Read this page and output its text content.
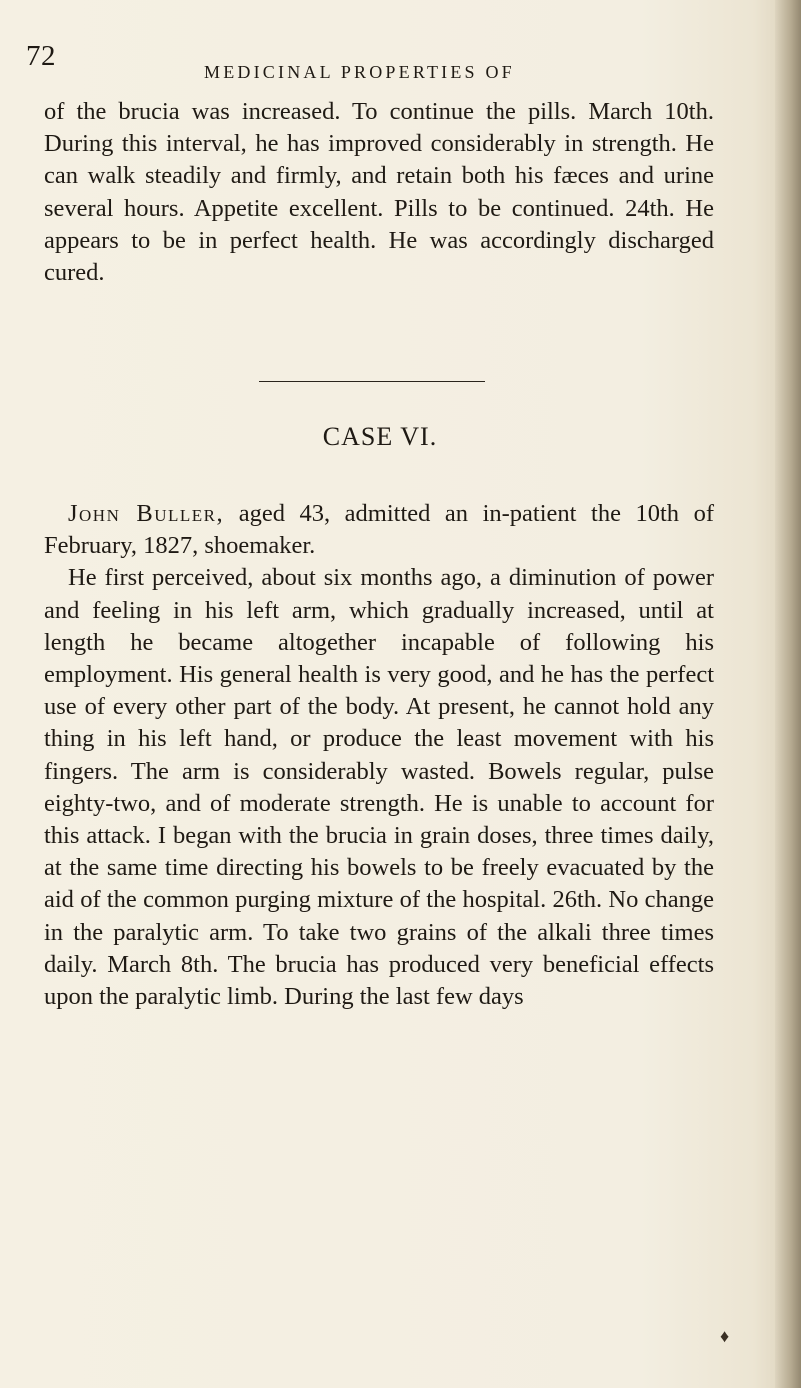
72	MEDICINAL PROPERTIES OF

of the brucia was increased. To continue the pills. March 10th. During this interval, he has improved considerably in strength. He can walk steadily and firmly, and retain both his fæces and urine several hours. Appetite excellent. Pills to be continued. 24th. He appears to be in perfect health. He was accordingly discharged cured.

CASE VI.

John Buller, aged 43, admitted an in-patient the 10th of February, 1827, shoemaker.

He first perceived, about six months ago, a diminution of power and feeling in his left arm, which gradually increased, until at length he became altogether incapable of following his employment. His general health is very good, and he has the perfect use of every other part of the body. At present, he cannot hold any thing in his left hand, or produce the least movement with his fingers. The arm is considerably wasted. Bowels regular, pulse eighty-two, and of moderate strength. He is unable to account for this attack. I began with the brucia in grain doses, three times daily, at the same time directing his bowels to be freely evacuated by the aid of the common purging mixture of the hospital. 26th. No change in the paralytic arm. To take two grains of the alkali three times daily. March 8th. The brucia has produced very beneficial effects upon the paralytic limb. During the last few days

♦
